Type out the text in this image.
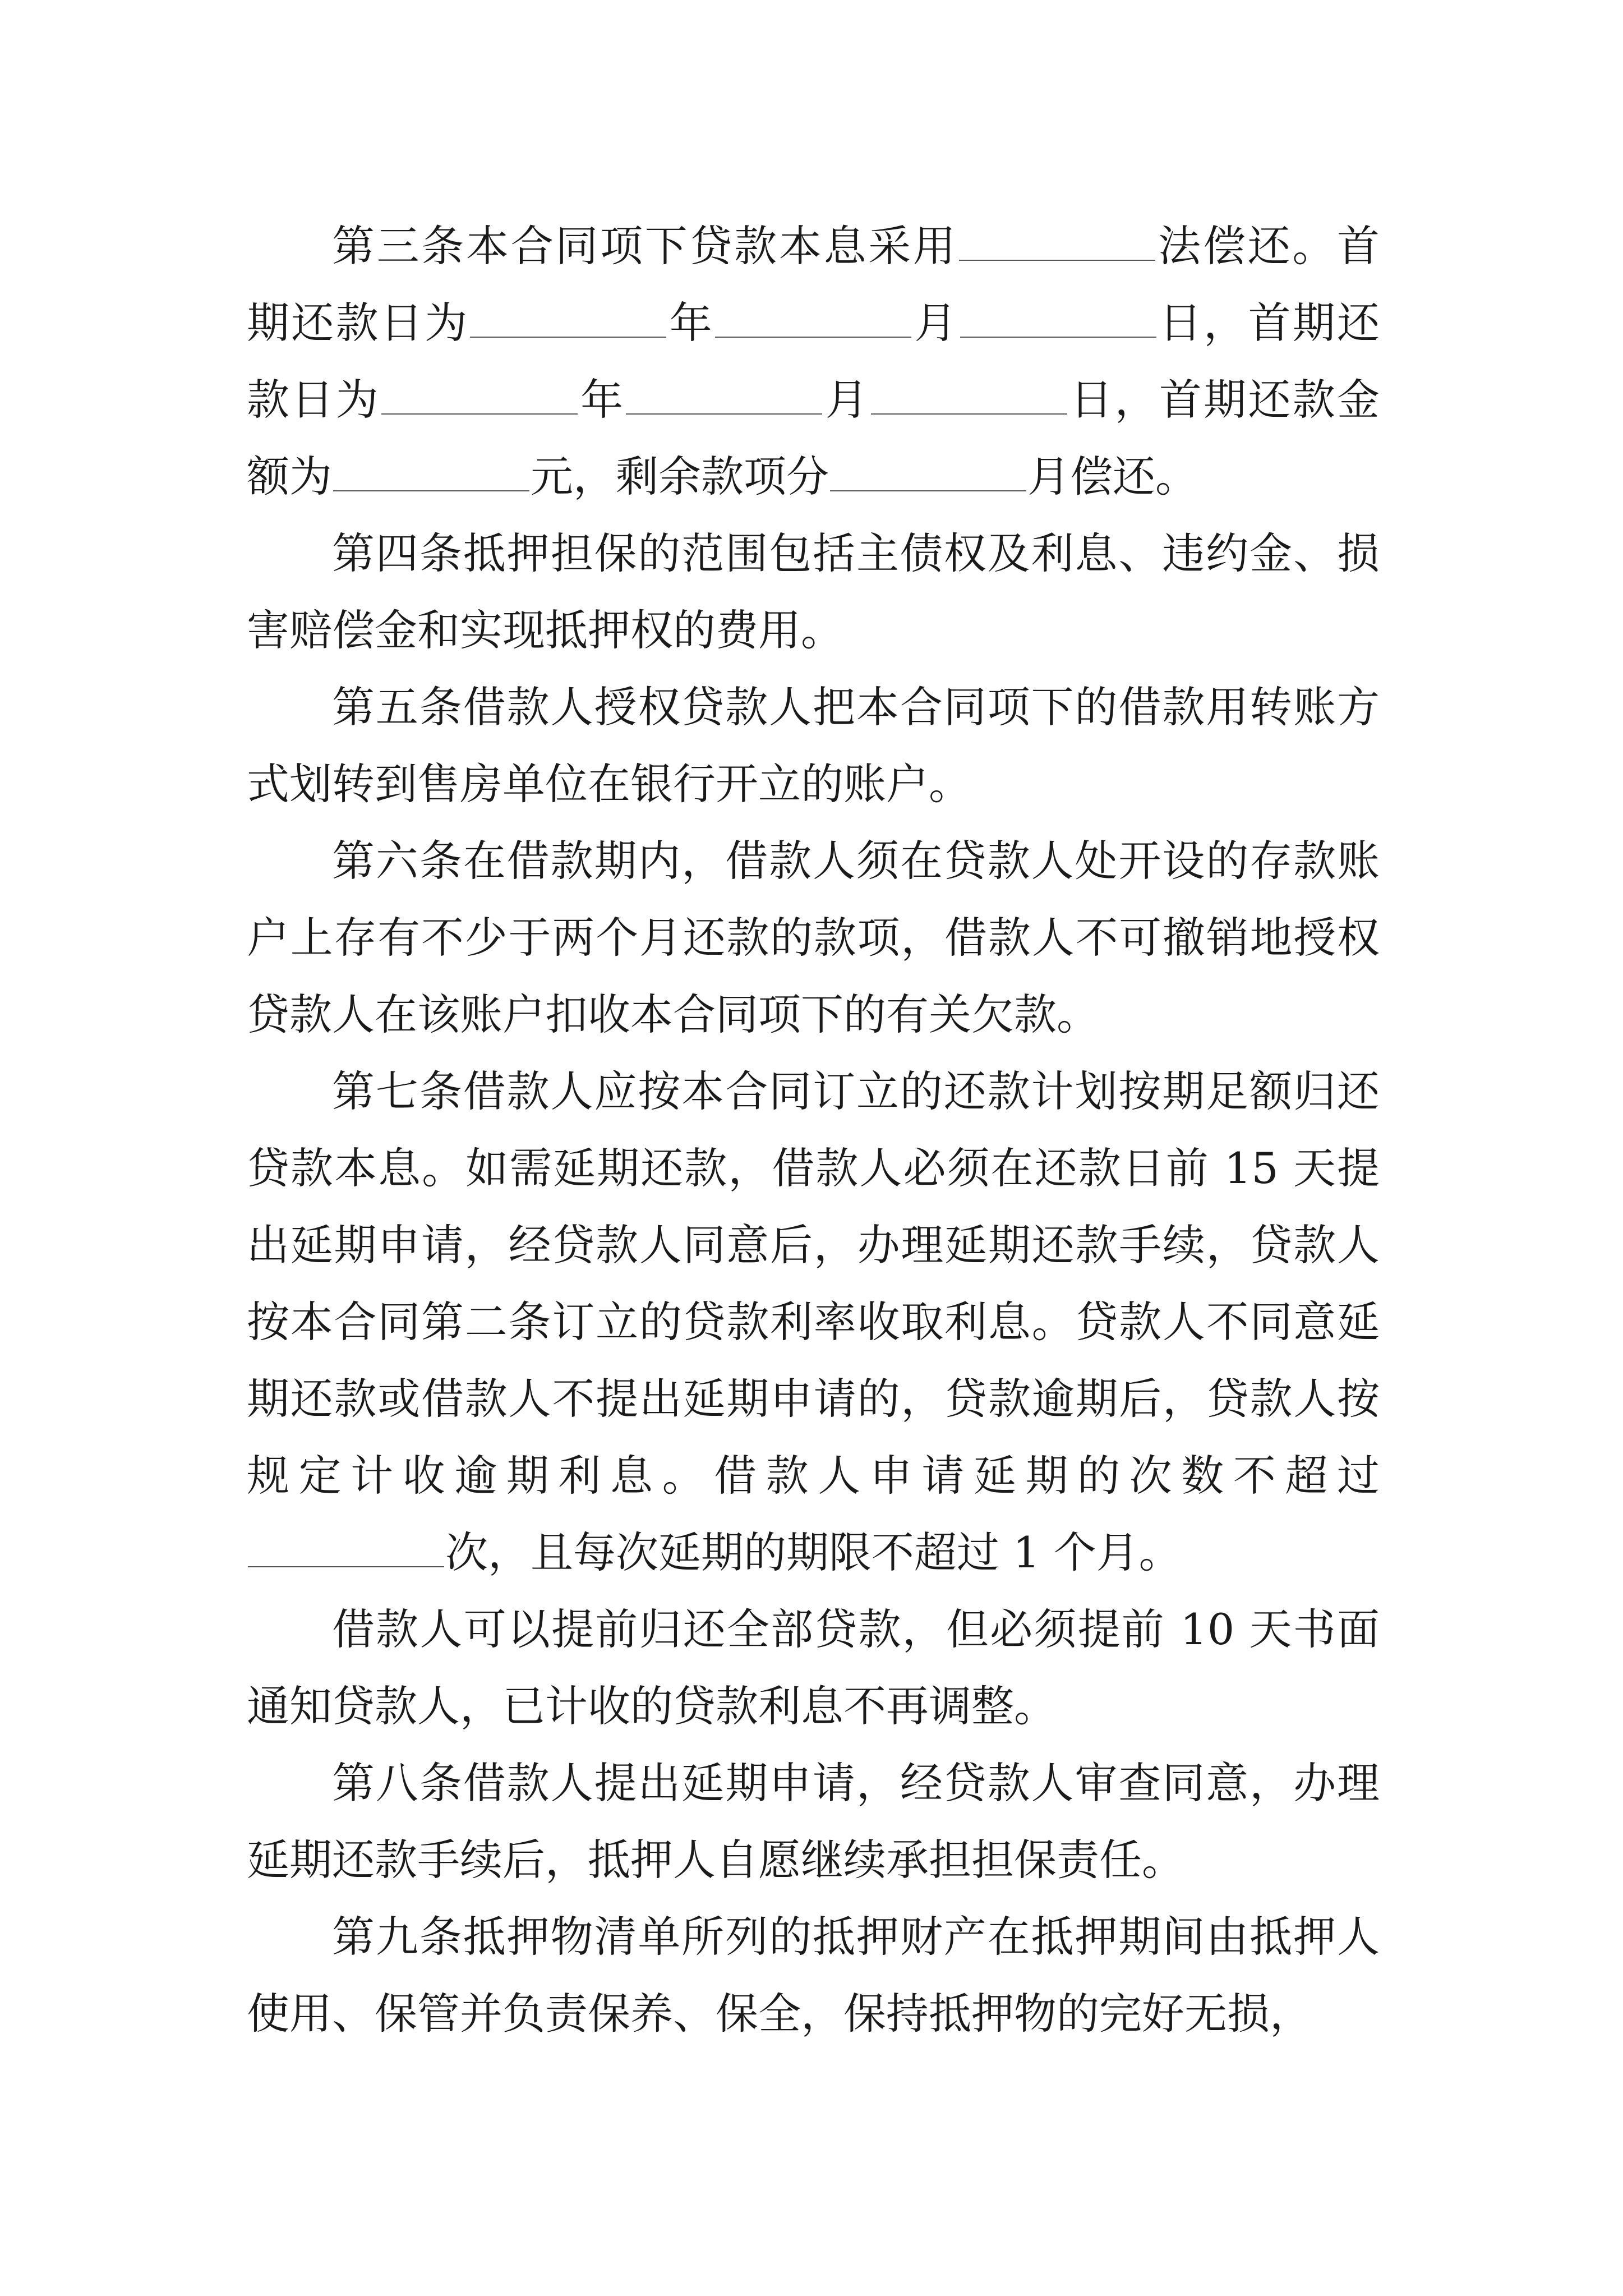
第三条本合同项下贷款本息采用	法偿还。首期还款日为	年	月	日，首期还款日为	年	月	日，首期还款金额为	元，剩余款项分	月偿还。

第四条抵押担保的范围包括主债权及利息、违约金、损害赔偿金和实现抵押权的费用。

第五条借款人授权贷款人把本合同项下的借款用转账方式划转到售房单位在银行开立的账户。

第六条在借款期内，借款人须在贷款人处开设的存款账户上存有不少于两个月还款的款项，借款人不可撤销地授权贷款人在该账户扣收本合同项下的有关欠款。

第七条借款人应按本合同订立的还款计划按期足额归还贷款本息。如需延期还款，借款人必须在还款日前 15 天提出延期申请，经贷款人同意后，办理延期还款手续，贷款人按本合同第二条订立的贷款利率收取利息。贷款人不同意延期还款或借款人不提出延期申请的，贷款逾期后，贷款人按规定计收逾期利息。借款人申请延期的次数不超过次，且每次延期的期限不超过 1 个月。

借款人可以提前归还全部贷款，但必须提前 10 天书面通知贷款人，已计收的贷款利息不再调整。

第八条借款人提出延期申请，经贷款人审查同意，办理延期还款手续后，抵押人自愿继续承担担保责任。

第九条抵押物清单所列的抵押财产在抵押期间由抵押人使用、保管并负责保养、保全，保持抵押物的完好无损，
